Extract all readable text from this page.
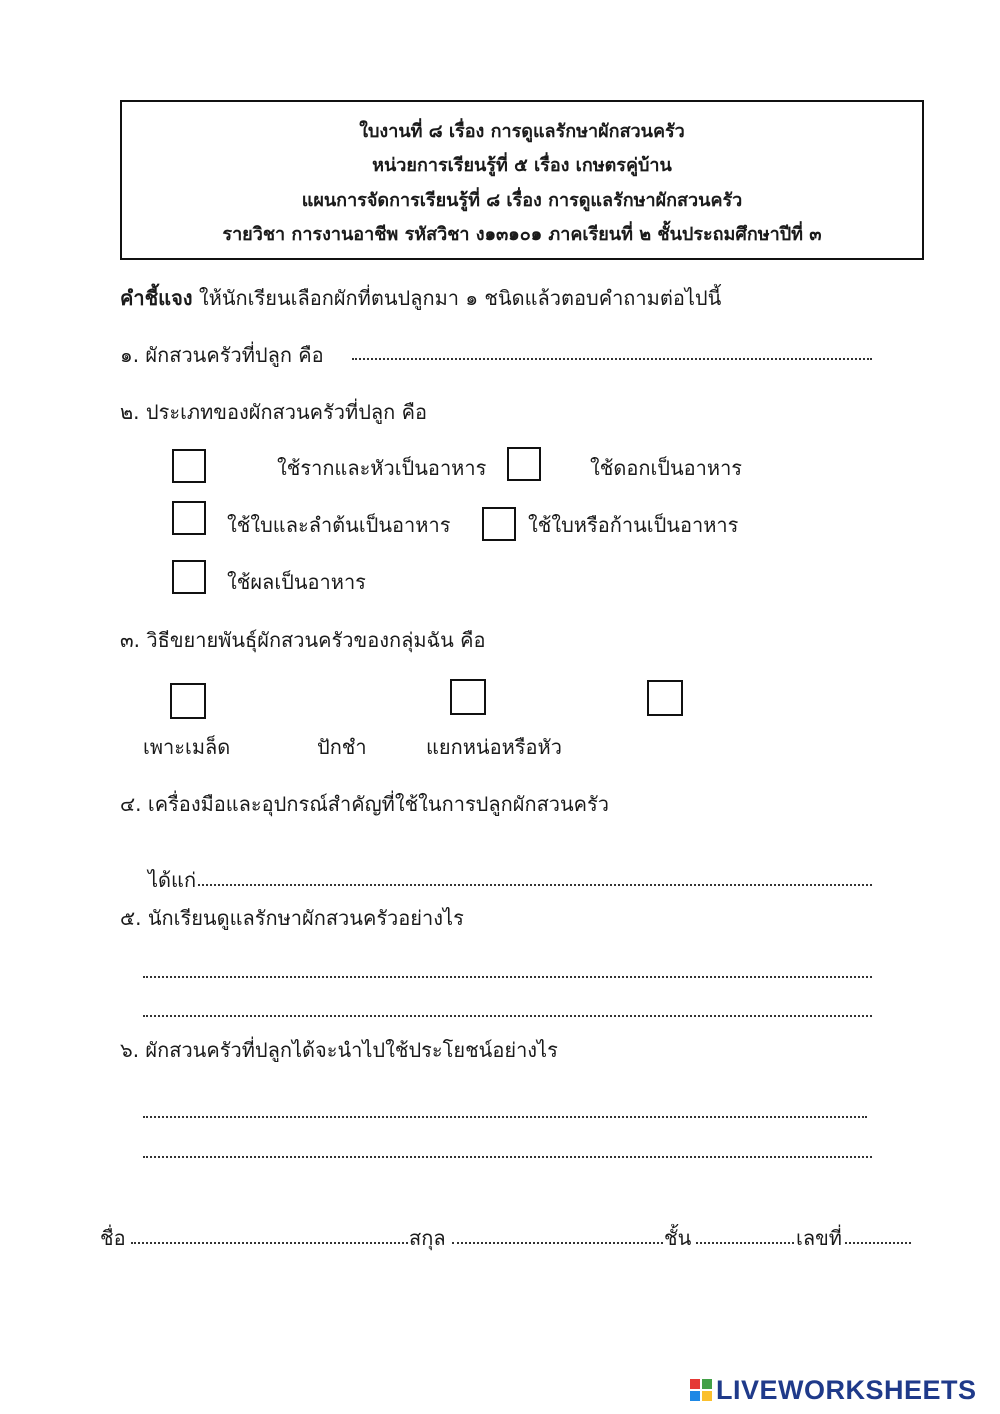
ใบงานที่ ๘ เรื่อง การดูแลรักษาผักสวนครัว
หน่วยการเรียนรู้ที่ ๕ เรื่อง เกษตรคู่บ้าน
แผนการจัดการเรียนรู้ที่ ๘ เรื่อง การดูแลรักษาผักสวนครัว
รายวิชา การงานอาชีพ รหัสวิชา ง๑๓๑๐๑ ภาคเรียนที่ ๒ ชั้นประถมศึกษาปีที่ ๓
คำชี้แจง ให้นักเรียนเลือกผักที่ตนปลูกมา ๑ ชนิดแล้วตอบคำถามต่อไปนี้
๑. ผักสวนครัวที่ปลูก คือ
๒. ประเภทของผักสวนครัวที่ปลูก คือ
ใช้รากและหัวเป็นอาหาร	ใช้ดอกเป็นอาหาร
ใช้ใบและลำต้นเป็นอาหาร	ใช้ใบหรือก้านเป็นอาหาร
ใช้ผลเป็นอาหาร
๓. วิธีขยายพันธุ์ผักสวนครัวของกลุ่มฉัน คือ
เพาะเมล็ด	ปักชำ	แยกหน่อหรือหัว
๔. เครื่องมือและอุปกรณ์สำคัญที่ใช้ในการปลูกผักสวนครัว
ได้แก่
๕. นักเรียนดูแลรักษาผักสวนครัวอย่างไร
๖. ผักสวนครัวที่ปลูกได้จะนำไปใช้ประโยชน์อย่างไร
ชื่อ	สกุล	ชั้น	เลขที่
LIVEWORKSHEETS
